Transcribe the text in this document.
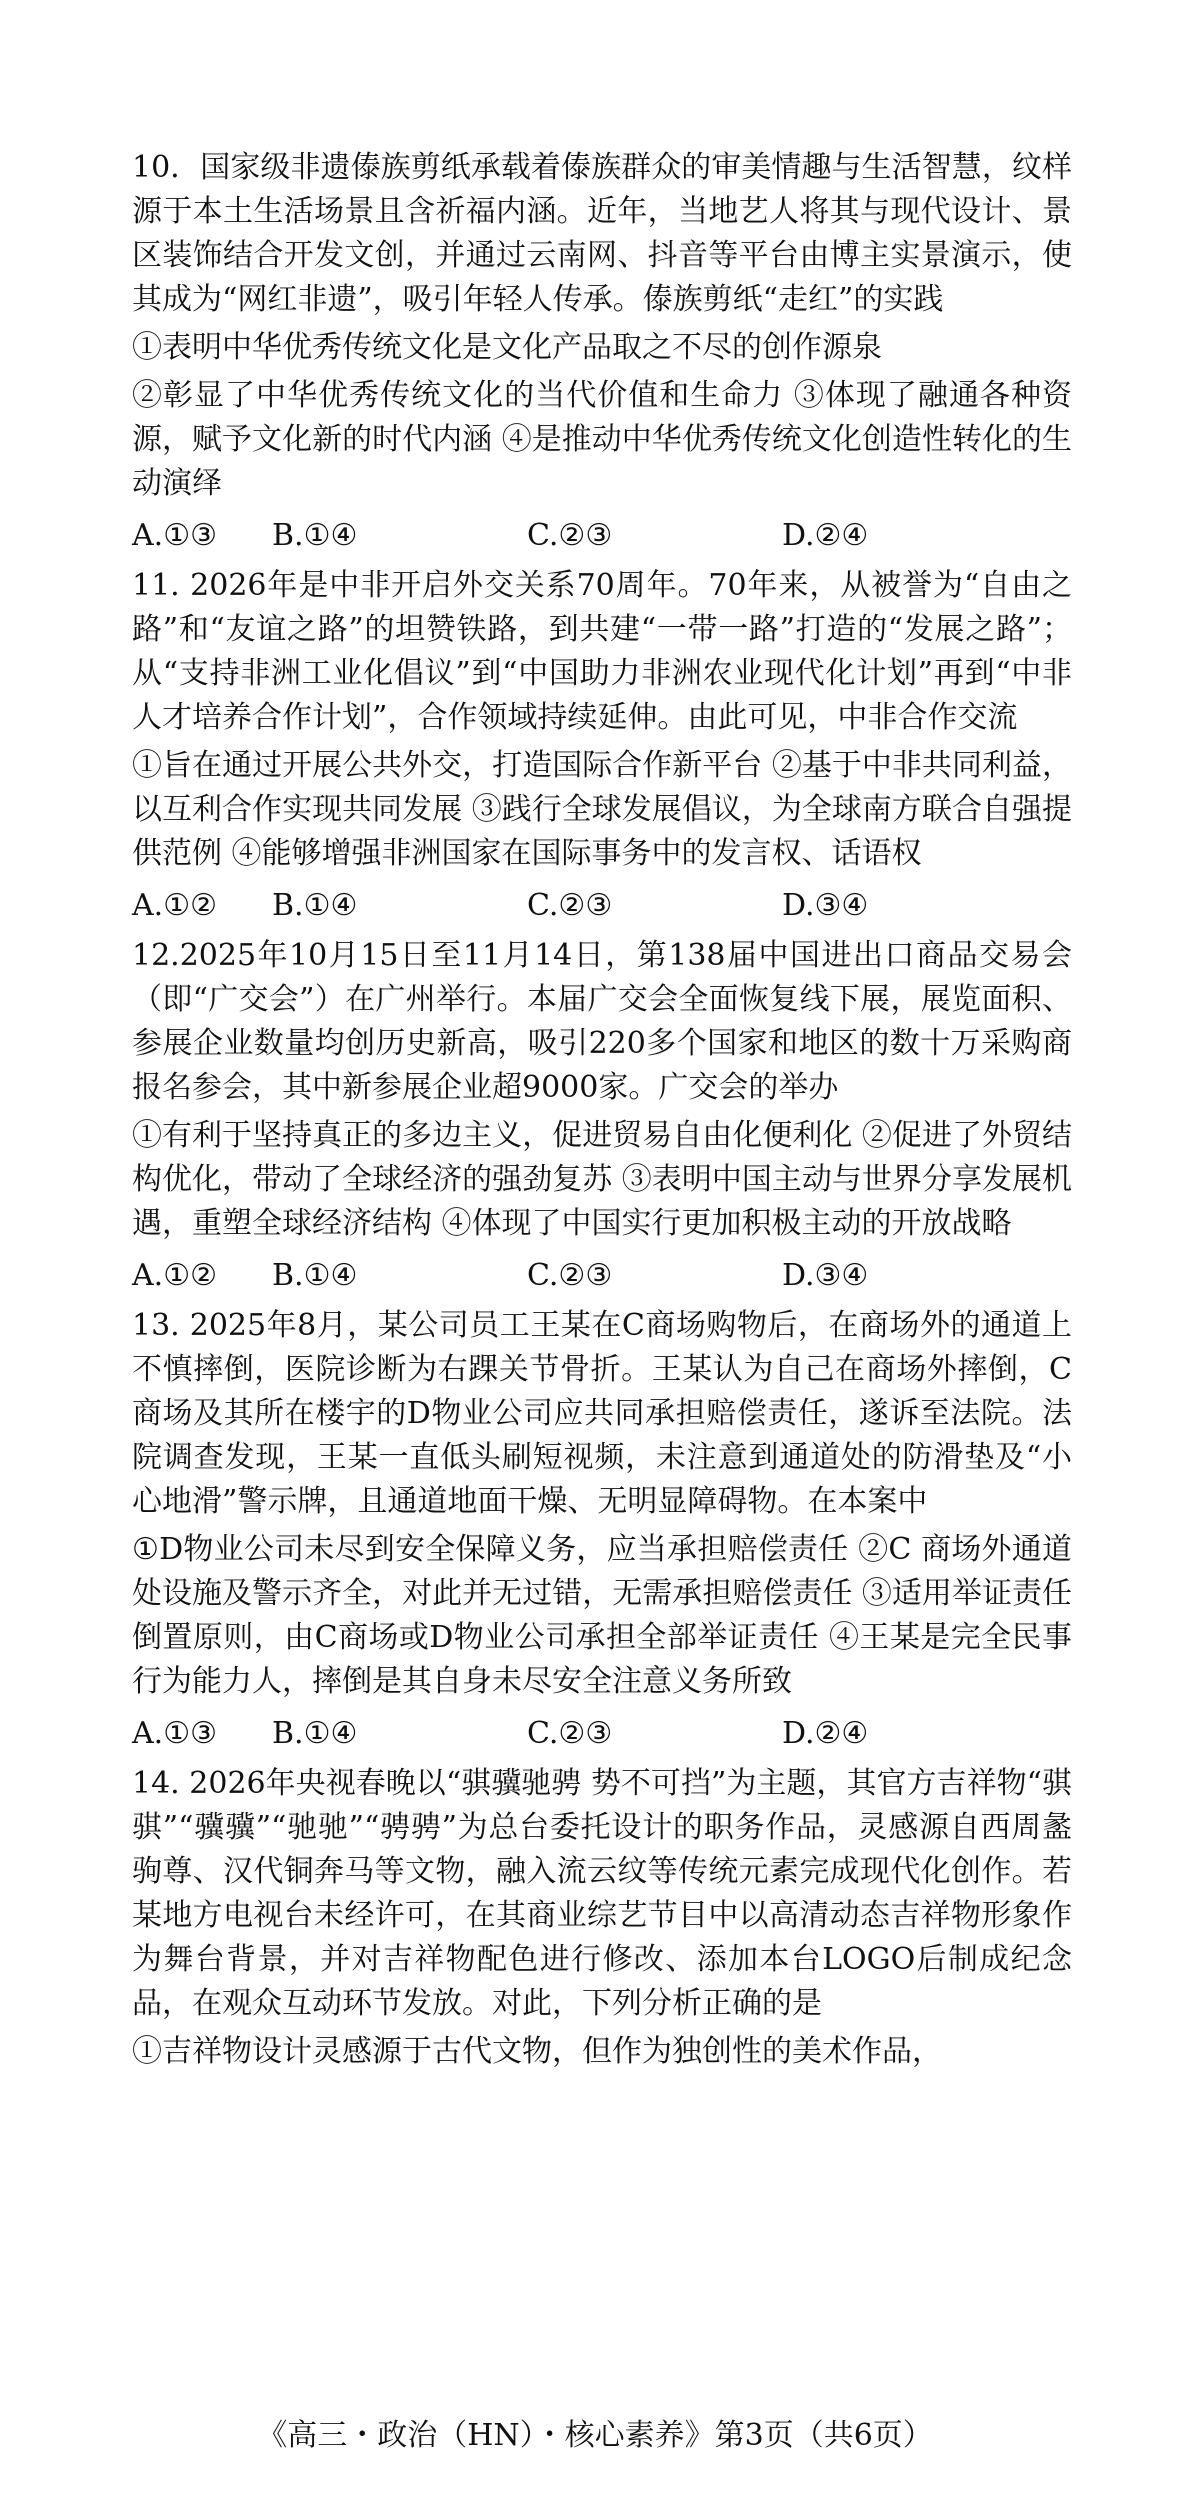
10．国家级非遗傣族剪纸承载着傣族群众的审美情趣与生活智慧，纹样源于本土生活场景且含祈福内涵。近年，当地艺人将其与现代设计、景区装饰结合开发文创，并通过云南网、抖音等平台由博主实景演示，使其成为“网红非遗”，吸引年轻人传承。傣族剪纸“走红”的实践

①表明中华优秀传统文化是文化产品取之不尽的创作源泉

②彰显了中华优秀传统文化的当代价值和生命力 ③体现了融通各种资源，赋予文化新的时代内涵 ④是推动中华优秀传统文化创造性转化的生动演绎

A.①③	B.①④	C.②③	D.②④

11. 2026年是中非开启外交关系70周年。70年来，从被誉为“自由之路”和“友谊之路”的坦赞铁路，到共建“一带一路”打造的“发展之路”；从“支持非洲工业化倡议”到“中国助力非洲农业现代化计划”再到“中非人才培养合作计划”，合作领域持续延伸。由此可见，中非合作交流

①旨在通过开展公共外交，打造国际合作新平台 ②基于中非共同利益，以互利合作实现共同发展 ③践行全球发展倡议，为全球南方联合自强提供范例 ④能够增强非洲国家在国际事务中的发言权、话语权

A.①②	B.①④	C.②③	D.③④

12.2025年10月15日至11月14日，第138届中国进出口商品交易会（即“广交会”）在广州举行。本届广交会全面恢复线下展，展览面积、参展企业数量均创历史新高，吸引220多个国家和地区的数十万采购商报名参会，其中新参展企业超9000家。广交会的举办

①有利于坚持真正的多边主义，促进贸易自由化便利化 ②促进了外贸结构优化，带动了全球经济的强劲复苏 ③表明中国主动与世界分享发展机遇，重塑全球经济结构 ④体现了中国实行更加积极主动的开放战略

A.①②	B.①④	C.②③	D.③④

13. 2025年8月，某公司员工王某在C商场购物后，在商场外的通道上不慎摔倒，医院诊断为右踝关节骨折。王某认为自己在商场外摔倒，C商场及其所在楼宇的D物业公司应共同承担赔偿责任，遂诉至法院。法院调查发现，王某一直低头刷短视频，未注意到通道处的防滑垫及“小心地滑”警示牌，且通道地面干燥、无明显障碍物。在本案中

①D物业公司未尽到安全保障义务，应当承担赔偿责任 ②C 商场外通道处设施及警示齐全，对此并无过错，无需承担赔偿责任 ③适用举证责任倒置原则，由C商场或D物业公司承担全部举证责任 ④王某是完全民事行为能力人，摔倒是其自身未尽安全注意义务所致

A.①③	B.①④	C.②③	D.②④

14. 2026年央视春晚以“骐骥驰骋 势不可挡”为主题，其官方吉祥物“骐骐”“骥骥”“驰驰”“骋骋”为总台委托设计的职务作品，灵感源自西周盠驹尊、汉代铜奔马等文物，融入流云纹等传统元素完成现代化创作。若某地方电视台未经许可，在其商业综艺节目中以高清动态吉祥物形象作为舞台背景，并对吉祥物配色进行修改、添加本台LOGO后制成纪念品，在观众互动环节发放。对此，下列分析正确的是

①吉祥物设计灵感源于古代文物，但作为独创性的美术作品，

《高三・政治（HN）・核心素养》第3页（共6页）
